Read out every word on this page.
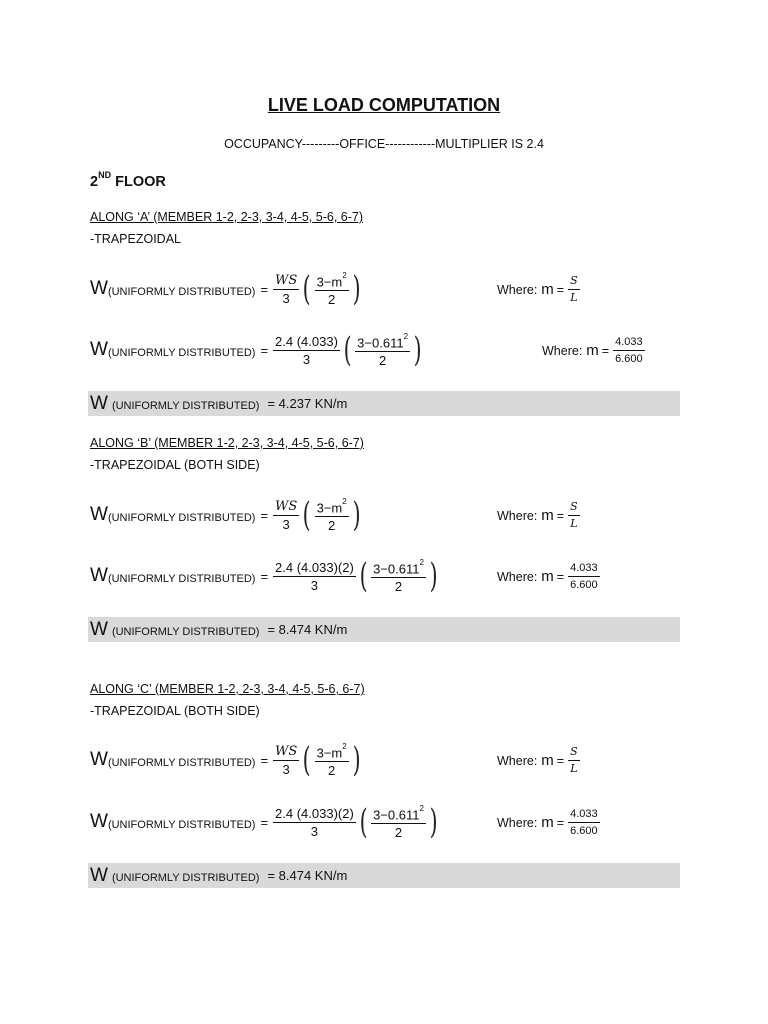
LIVE LOAD COMPUTATION
OCCUPANCY---------OFFICE------------MULTIPLIER IS 2.4
2ND FLOOR
ALONG ‘A’ (MEMBER 1-2, 2-3, 3-4, 4-5, 5-6, 6-7)
-TRAPEZOIDAL
W (UNIFORMLY DISTRIBUTED) = $\frac{WS}{3}$ ( $\frac{3-m^2}{2}$ )	Where: $m = \frac{S}{L}$
W (UNIFORMLY DISTRIBUTED) = $\frac{2.4 (4.033)}{3}$ ( $\frac{3-0.611^2}{2}$ )	Where: $m = \frac{4.033}{6.600}$
W (UNIFORMLY DISTRIBUTED) = 4.237 KN/m
ALONG ‘B’ (MEMBER 1-2, 2-3, 3-4, 4-5, 5-6, 6-7)
-TRAPEZOIDAL (BOTH SIDE)
W (UNIFORMLY DISTRIBUTED) = $\frac{WS}{3}$ ( $\frac{3-m^2}{2}$ )	Where: $m = \frac{S}{L}$
W (UNIFORMLY DISTRIBUTED) = $\frac{2.4 (4.033)(2)}{3}$ ( $\frac{3-0.611^2}{2}$ )	Where: $m = \frac{4.033}{6.600}$
W (UNIFORMLY DISTRIBUTED) = 8.474 KN/m
ALONG ‘C’ (MEMBER 1-2, 2-3, 3-4, 4-5, 5-6, 6-7)
-TRAPEZOIDAL (BOTH SIDE)
W (UNIFORMLY DISTRIBUTED) = $\frac{WS}{3}$ ( $\frac{3-m^2}{2}$ )	Where: $m = \frac{S}{L}$
W (UNIFORMLY DISTRIBUTED) = $\frac{2.4 (4.033)(2)}{3}$ ( $\frac{3-0.611^2}{2}$ )	Where: $m = \frac{4.033}{6.600}$
W (UNIFORMLY DISTRIBUTED) = 8.474 KN/m
